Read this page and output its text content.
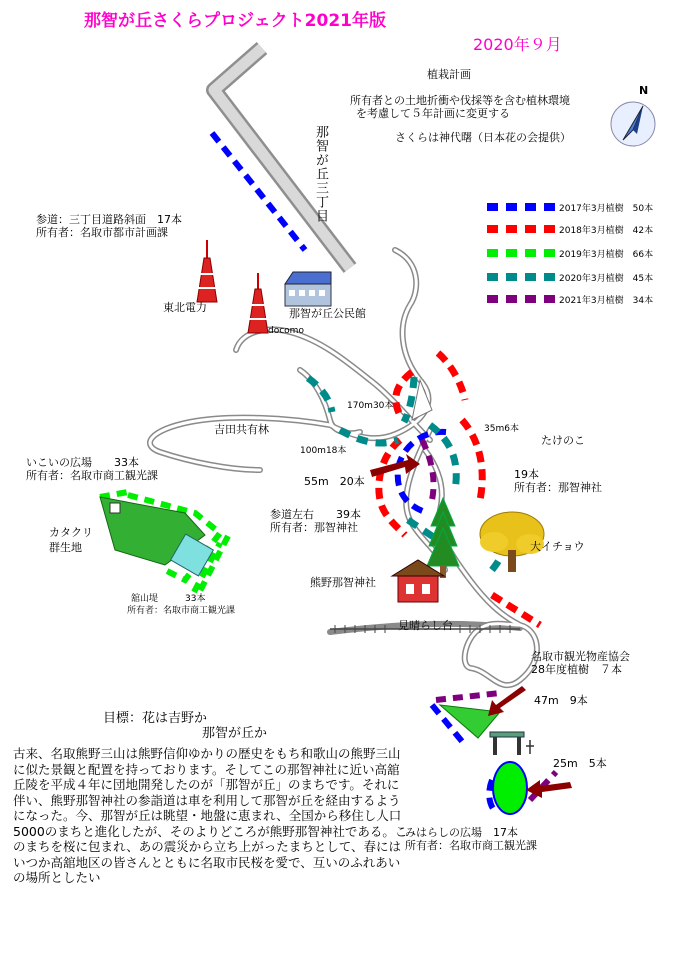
那智が丘さくらプロジェクト2021年版
2020年９月
N
植栽計画
所有者との土地折衝や伐採等を含む植林環境
を考慮して５年計画に変更する
さくらは神代曙（日本花の会提供）
那智が丘三丁目	2017年3月植樹　50本
2018年3月植樹　42本
2019年3月植樹　66本
2020年3月植樹　45本
2021年3月植樹　34本
参道：三丁目道路斜面　17本
所有者：名取市都市計画課
東北電力
docomo
那智が丘公民館
吉田共有林
170m30本
100m18本
35m6本
たけのこ
55m　20本
いこいの広場　　33本
所有者：名取市商工観光課
カタクリ
群生地
参道左右　　39本
所有者：那智神社
19本
所有者：那智神社
大イチョウ
熊野那智神社
舘山堤　　　33本
所有者：名取市商工観光課
見晴らし台
名取市観光物産協会
28年度植樹　７本
47m　9本
25m　5本
目標：花は吉野か
那智が丘か
みはらしの広場　17本
所有者：名取市商工観光課
古来、名取熊野三山は熊野信仰ゆかりの歴史をもち和歌山の熊野三山に似た景観と配置を持っております。そしてこの那智神社に近い高舘丘陵を平成４年に団地開発したのが「那智が丘」のまちです。それに伴い、熊野那智神社の参詣道は車を利用して那智が丘を経由するようになった。今、那智が丘は眺望・地盤に恵まれ、全国から移住し人口5000のまちと進化したが、そのよりどころが熊野那智神社である。このまちを桜に包まれ、あの震災から立ち上がったまちとして、春にはいつか高舘地区の皆さんとともに名取市民桜を愛で、互いのふれあいの場所としたい
